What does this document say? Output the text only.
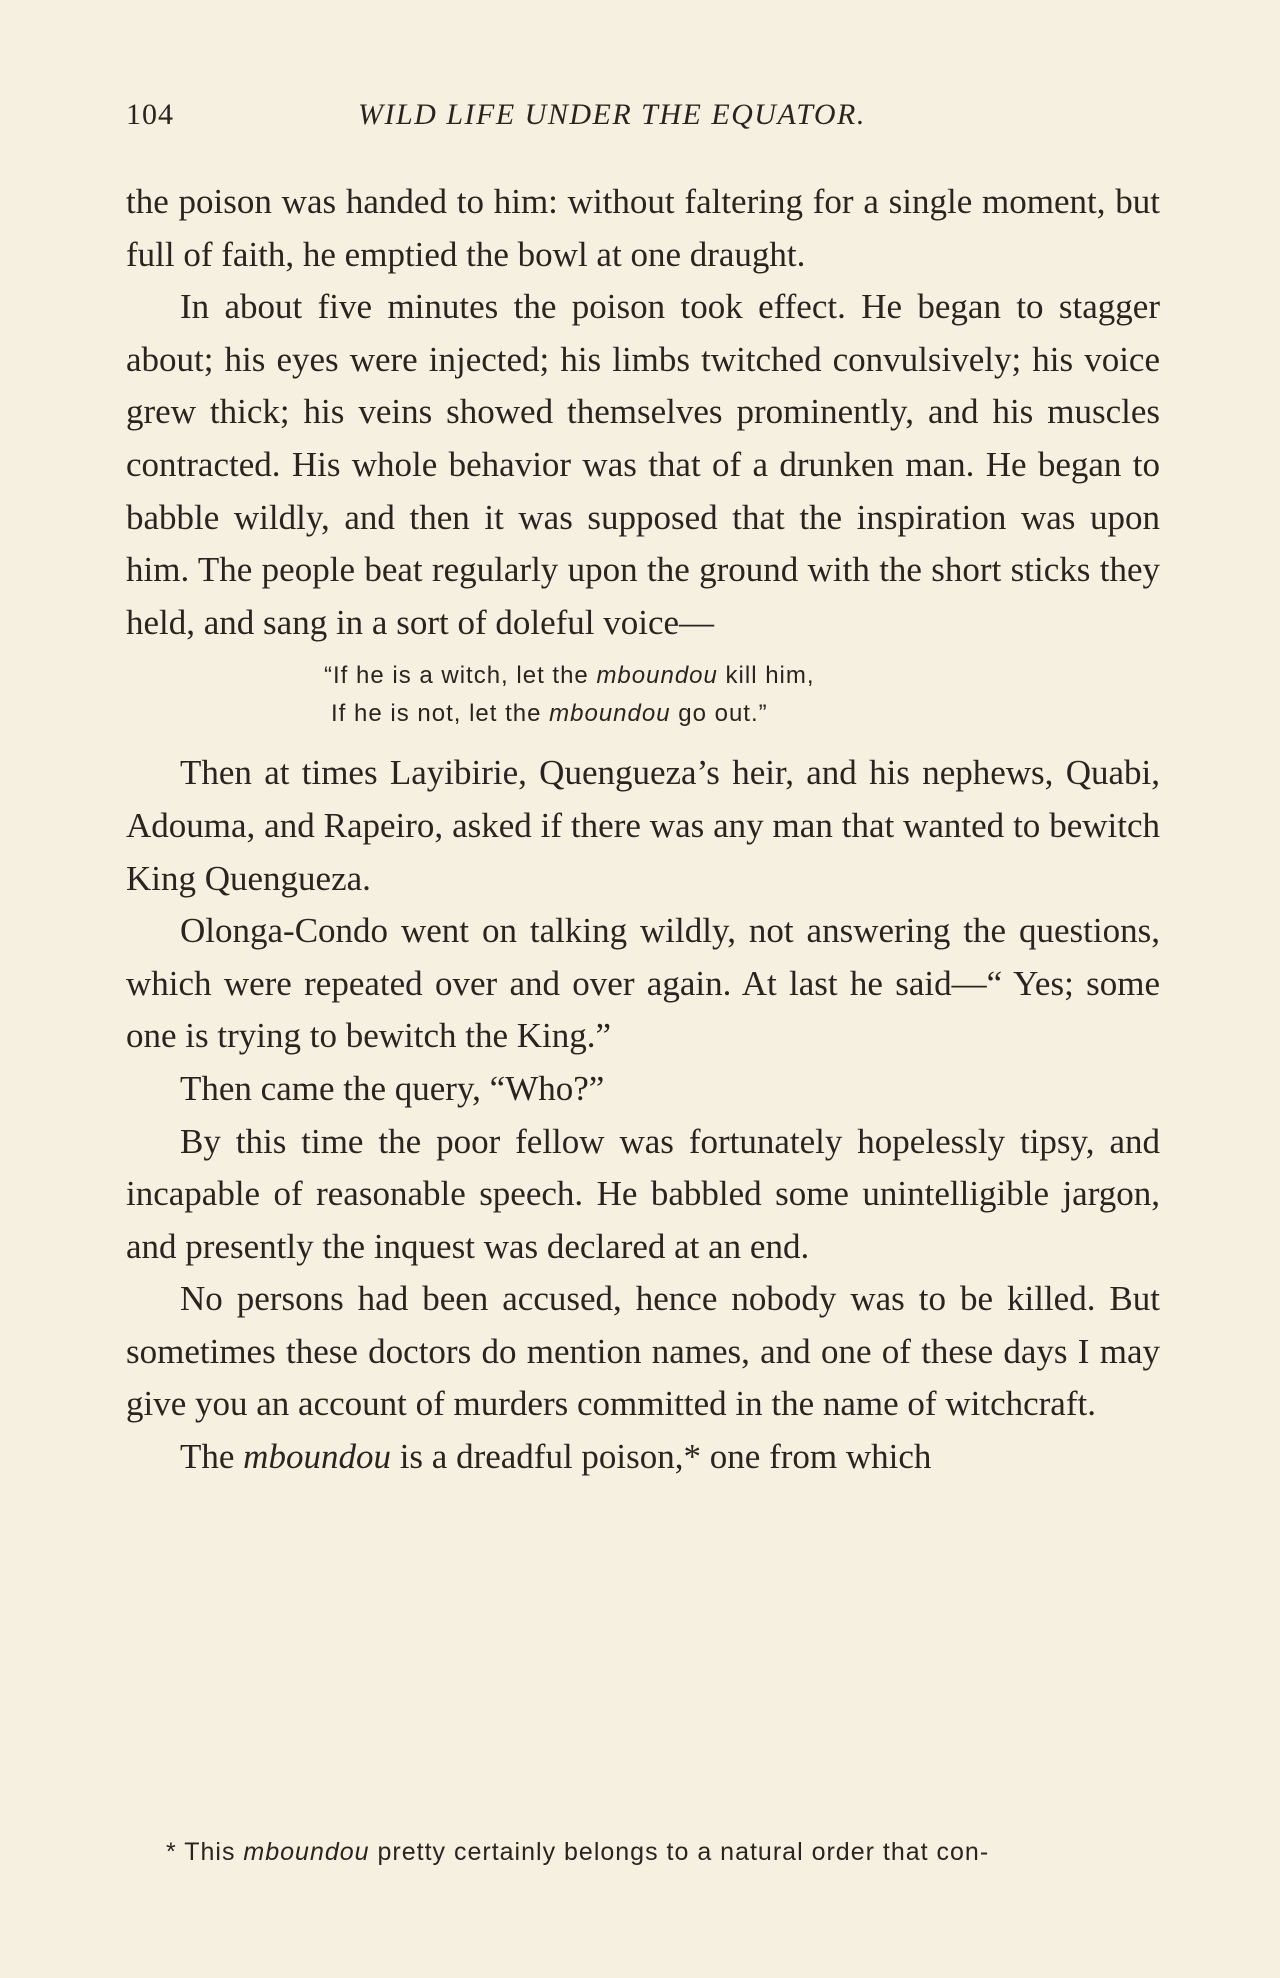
104	WILD LIFE UNDER THE EQUATOR.

the poison was handed to him: without faltering for a single moment, but full of faith, he emptied the bowl at one draught.

In about five minutes the poison took effect. He began to stagger about; his eyes were injected; his limbs twitched convulsively; his voice grew thick; his veins showed themselves prominently, and his muscles contracted. His whole behavior was that of a drunken man. He began to babble wildly, and then it was supposed that the inspiration was upon him. The people beat regularly upon the ground with the short sticks they held, and sang in a sort of doleful voice—

“If he is a witch, let the mboundou kill him,
If he is not, let the mboundou go out.”

Then at times Layibirie, Quengueza’s heir, and his nephews, Quabi, Adouma, and Rapeiro, asked if there was any man that wanted to bewitch King Quengueza.

Olonga-Condo went on talking wildly, not answering the questions, which were repeated over and over again. At last he said—“ Yes; some one is trying to bewitch the King.”

Then came the query, “Who?”

By this time the poor fellow was fortunately hopelessly tipsy, and incapable of reasonable speech. He babbled some unintelligible jargon, and presently the inquest was declared at an end.

No persons had been accused, hence nobody was to be killed. But sometimes these doctors do mention names, and one of these days I may give you an account of murders committed in the name of witchcraft.

The mboundou is a dreadful poison,* one from which

* This mboundou pretty certainly belongs to a natural order that con-
